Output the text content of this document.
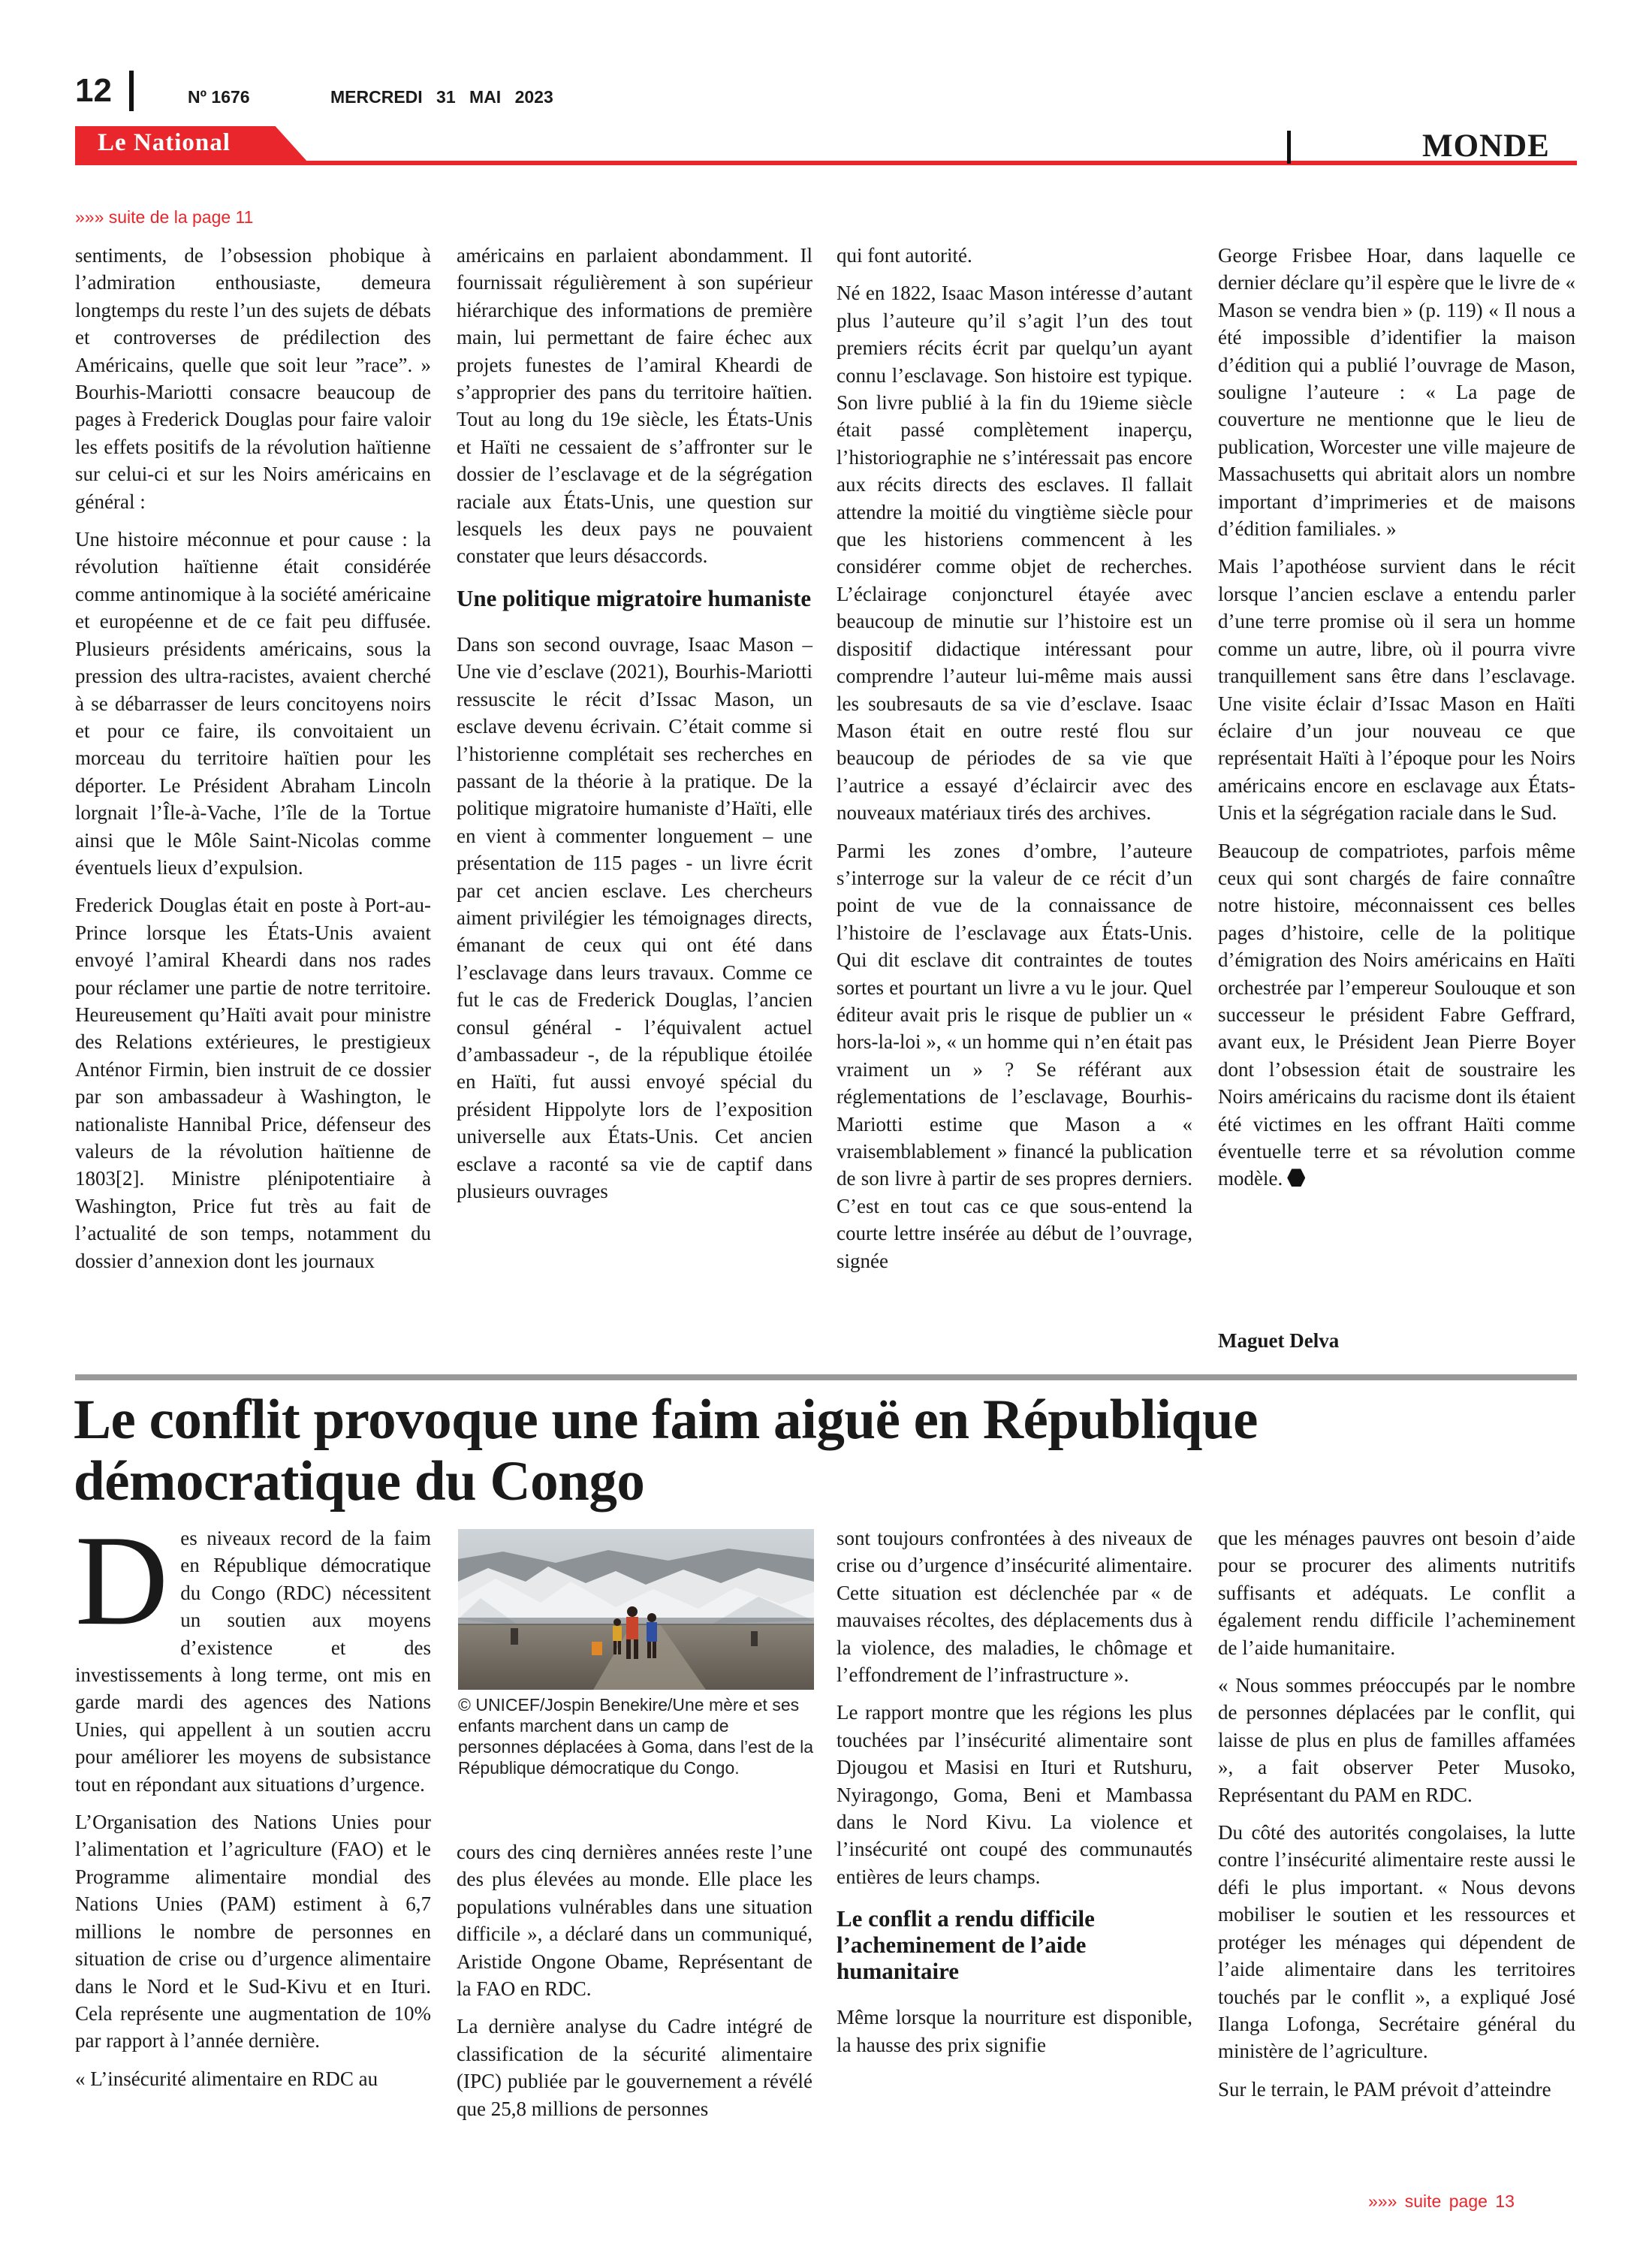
12	Nº 1676	MERCREDI 31 MAI 2023
Le National	MONDE
»»» suite de la page 11

sentiments, de l’obsession phobique à l’admiration enthousiaste, demeura longtemps du reste l’un des sujets de débats et controverses de prédilection des Américains, quelle que soit leur ”race”. » Bourhis-Mariotti consacre beaucoup de pages à Frederick Douglas pour faire valoir les effets positifs de la révolution haïtienne sur celui-ci et sur les Noirs américains en général :

Une histoire méconnue et pour cause : la révolution haïtienne était considérée comme antinomique à la société américaine et européenne et de ce fait peu diffusée. Plusieurs présidents américains, sous la pression des ultra-racistes, avaient cherché à se débarrasser de leurs concitoyens noirs et pour ce faire, ils convoitaient un morceau du territoire haïtien pour les déporter. Le Président Abraham Lincoln lorgnait l’Île-à-Vache, l’île de la Tortue ainsi que le Môle Saint-Nicolas comme éventuels lieux d’expulsion.

Frederick Douglas était en poste à Port-au-Prince lorsque les États-Unis avaient envoyé l’amiral Kheardi dans nos rades pour réclamer une partie de notre territoire. Heureusement qu’Haïti avait pour ministre des Relations extérieures, le prestigieux Anténor Firmin, bien instruit de ce dossier par son ambassadeur à Washington, le nationaliste Hannibal Price, défenseur des valeurs de la révolution haïtienne de 1803[2]. Ministre plénipotentiaire à Washington, Price fut très au fait de l’actualité de son temps, notamment du dossier d’annexion dont les journaux

américains en parlaient abondamment. Il fournissait régulièrement à son supérieur hiérarchique des informations de première main, lui permettant de faire échec aux projets funestes de l’amiral Kheardi de s’approprier des pans du territoire haïtien. Tout au long du 19e siècle, les États-Unis et Haïti ne cessaient de s’affronter sur le dossier de l’esclavage et de la ségrégation raciale aux États-Unis, une question sur lesquels les deux pays ne pouvaient constater que leurs désaccords.

Une politique migratoire humaniste

Dans son second ouvrage, Isaac Mason – Une vie d’esclave (2021), Bourhis-Mariotti ressuscite le récit d’Issac Mason, un esclave devenu écrivain. C’était comme si l’historienne complétait ses recherches en passant de la théorie à la pratique. De la politique migratoire humaniste d’Haïti, elle en vient à commenter longuement – une présentation de 115 pages - un livre écrit par cet ancien esclave. Les chercheurs aiment privilégier les témoignages directs, émanant de ceux qui ont été dans l’esclavage dans leurs travaux. Comme ce fut le cas de Frederick Douglas, l’ancien consul général - l’équivalent actuel d’ambassadeur -, de la république étoilée en Haïti, fut aussi envoyé spécial du président Hippolyte lors de l’exposition universelle aux États-Unis. Cet ancien esclave a raconté sa vie de captif dans plusieurs ouvrages

qui font autorité.

Né en 1822, Isaac Mason intéresse d’autant plus l’auteure qu’il s’agit l’un des tout premiers récits écrit par quelqu’un ayant connu l’esclavage. Son histoire est typique. Son livre publié à la fin du 19ieme siècle était passé complètement inaperçu, l’historiographie ne s’intéressait pas encore aux récits directs des esclaves. Il fallait attendre la moitié du vingtième siècle pour que les historiens commencent à les considérer comme objet de recherches. L’éclairage conjoncturel étayée avec beaucoup de minutie sur l’histoire est un dispositif didactique intéressant pour comprendre l’auteur lui-même mais aussi les soubresauts de sa vie d’esclave. Isaac Mason était en outre resté flou sur beaucoup de périodes de sa vie que l’autrice a essayé d’éclaircir avec des nouveaux matériaux tirés des archives.

Parmi les zones d’ombre, l’auteure s’interroge sur la valeur de ce récit d’un point de vue de la connaissance de l’histoire de l’esclavage aux États-Unis. Qui dit esclave dit contraintes de toutes sortes et pourtant un livre a vu le jour. Quel éditeur avait pris le risque de publier un « hors-la-loi », « un homme qui n’en était pas vraiment un » ? Se référant aux réglementations de l’esclavage, Bourhis-Mariotti estime que Mason a « vraisemblablement » financé la publication de son livre à partir de ses propres derniers. C’est en tout cas ce que sous-entend la courte lettre insérée au début de l’ouvrage, signée

George Frisbee Hoar, dans laquelle ce dernier déclare qu’il espère que le livre de « Mason se vendra bien » (p. 119) « Il nous a été impossible d’identifier la maison d’édition qui a publié l’ouvrage de Mason, souligne l’auteure : « La page de couverture ne mentionne que le lieu de publication, Worcester une ville majeure de Massachusetts qui abritait alors un nombre important d’imprimeries et de maisons d’édition familiales. »

Mais l’apothéose survient dans le récit lorsque l’ancien esclave a entendu parler d’une terre promise où il sera un homme comme un autre, libre, où il pourra vivre tranquillement sans être dans l’esclavage. Une visite éclair d’Issac Mason en Haïti éclaire d’un jour nouveau ce que représentait Haïti à l’époque pour les Noirs américains encore en esclavage aux États-Unis et la ségrégation raciale dans le Sud.

Beaucoup de compatriotes, parfois même ceux qui sont chargés de faire connaître notre histoire, méconnaissent ces belles pages d’histoire, celle de la politique d’émigration des Noirs américains en Haïti orchestrée par l’empereur Soulouque et son successeur le président Fabre Geffrard, avant eux, le Président Jean Pierre Boyer dont l’obsession était de soustraire les Noirs américains du racisme dont ils étaient été victimes en les offrant Haïti comme éventuelle terre et sa révolution comme modèle.

Maguet Delva
Le conflit provoque une faim aiguë en République démocratique du Congo

Des niveaux record de la faim en République démocratique du Congo (RDC) nécessitent un soutien aux moyens d’existence et des investissements à long terme, ont mis en garde mardi des agences des Nations Unies, qui appellent à un soutien accru pour améliorer les moyens de subsistance tout en répondant aux situations d’urgence.

L’Organisation des Nations Unies pour l’alimentation et l’agriculture (FAO) et le Programme alimentaire mondial des Nations Unies (PAM) estiment à 6,7 millions le nombre de personnes en situation de crise ou d’urgence alimentaire dans le Nord et le Sud-Kivu et en Ituri. Cela représente une augmentation de 10% par rapport à l’année dernière.

« L’insécurité alimentaire en RDC au

© UNICEF/Jospin Benekire/Une mère et ses enfants marchent dans un camp de personnes déplacées à Goma, dans l’est de la République démocratique du Congo.

cours des cinq dernières années reste l’une des plus élevées au monde. Elle place les populations vulnérables dans une situation difficile », a déclaré dans un communiqué, Aristide Ongone Obame, Représentant de la FAO en RDC.

La dernière analyse du Cadre intégré de classification de la sécurité alimentaire (IPC) publiée par le gouvernement a révélé que 25,8 millions de personnes

sont toujours confrontées à des niveaux de crise ou d’urgence d’insécurité alimentaire. Cette situation est déclenchée par « de mauvaises récoltes, des déplacements dus à la violence, des maladies, le chômage et l’effondrement de l’infrastructure ».

Le rapport montre que les régions les plus touchées par l’insécurité alimentaire sont Djougou et Masisi en Ituri et Rutshuru, Nyiragongo, Goma, Beni et Mambassa dans le Nord Kivu. La violence et l’insécurité ont coupé des communautés entières de leurs champs.

Le conflit a rendu difficile l’acheminement de l’aide humanitaire

Même lorsque la nourriture est disponible, la hausse des prix signifie

que les ménages pauvres ont besoin d’aide pour se procurer des aliments nutritifs suffisants et adéquats. Le conflit a également rendu difficile l’acheminement de l’aide humanitaire.

« Nous sommes préoccupés par le nombre de personnes déplacées par le conflit, qui laisse de plus en plus de familles affamées », a fait observer Peter Musoko, Représentant du PAM en RDC.

Du côté des autorités congolaises, la lutte contre l’insécurité alimentaire reste aussi le défi le plus important. « Nous devons mobiliser le soutien et les ressources et protéger les ménages qui dépendent de l’aide alimentaire dans les territoires touchés par le conflit », a expliqué José Ilanga Lofonga, Secrétaire général du ministère de l’agriculture.

Sur le terrain, le PAM prévoit d’atteindre

»»» suite page 13
